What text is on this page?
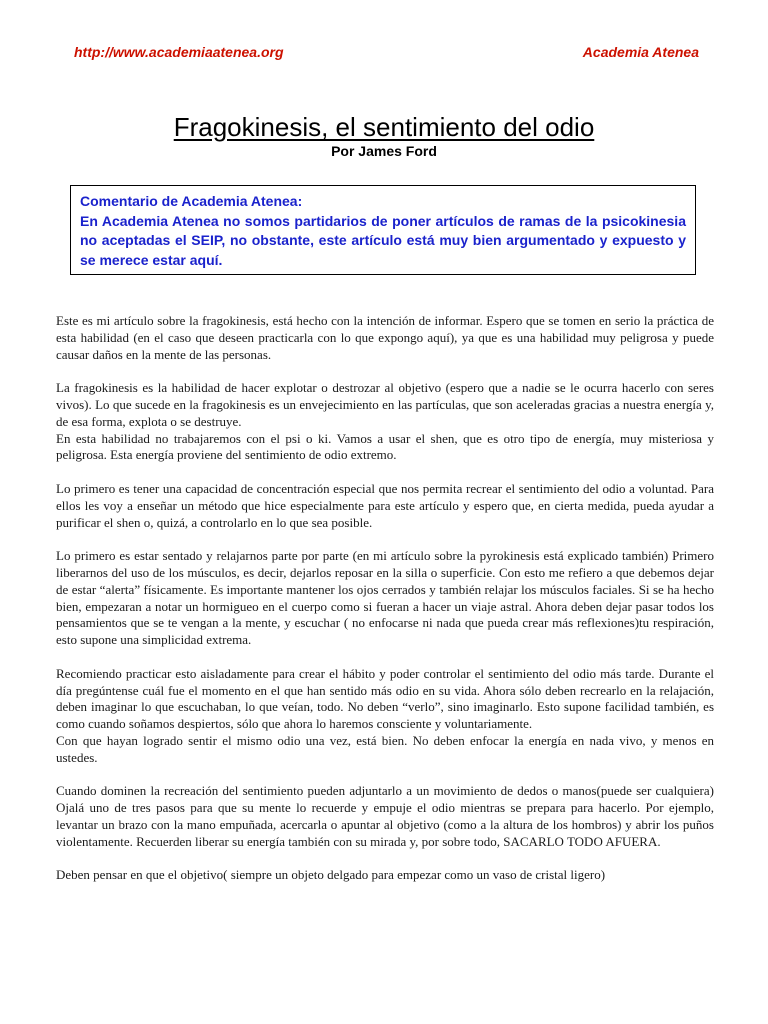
http://www.academiaatenea.org	Academia Atenea
Fragokinesis, el sentimiento del odio
Por James Ford
Comentario de Academia Atenea:
En Academia Atenea no somos partidarios de poner artículos de ramas de la psicokinesia no aceptadas el SEIP, no obstante, este artículo está muy bien argumentado y expuesto y se merece estar aquí.

Este es mi artículo sobre la fragokinesis, está hecho con la intención de informar. Espero que se tomen en serio la práctica de esta habilidad (en el caso que deseen practicarla con lo que expongo aquí), ya que es una habilidad muy peligrosa y puede causar daños en la mente de las personas.

La fragokinesis es la habilidad de hacer explotar o destrozar al objetivo (espero que a nadie se le ocurra hacerlo con seres vivos). Lo que sucede en la fragokinesis es un envejecimiento en las partículas, que son aceleradas gracias a nuestra energía y, de esa forma, explota o se destruye.

En esta habilidad no trabajaremos con el psi o ki. Vamos a usar el shen, que es otro tipo de energía, muy misteriosa y peligrosa. Esta energía proviene del sentimiento de odio extremo.

Lo primero es tener una capacidad de concentración especial que nos permita recrear el sentimiento del odio a voluntad. Para ellos les voy a enseñar un método que hice especialmente para este artículo y espero que, en cierta medida, pueda ayudar a purificar el shen o, quizá, a controlarlo en lo que sea posible.

Lo primero es estar sentado y relajarnos parte por parte (en mi artículo sobre la pyrokinesis está explicado también) Primero liberarnos del uso de los músculos, es decir, dejarlos reposar en la silla o superficie. Con esto me refiero a que debemos dejar de estar “alerta” físicamente. Es importante mantener los ojos cerrados y también relajar los músculos faciales. Si se ha hecho bien, empezaran a notar un hormigueo en el cuerpo como si fueran a hacer un viaje astral. Ahora deben dejar pasar todos los pensamientos que se te vengan a la mente, y escuchar ( no enfocarse ni nada que pueda crear más reflexiones)tu respiración, esto supone una simplicidad extrema.

Recomiendo practicar esto aisladamente para crear el hábito y poder controlar el sentimiento del odio más tarde. Durante el día pregúntense cuál fue el momento en el que han sentido más odio en su vida. Ahora sólo deben recrearlo en la relajación, deben imaginar lo que escuchaban, lo que veían, todo. No deben “verlo”, sino imaginarlo. Esto supone facilidad también, es como cuando soñamos despiertos, sólo que ahora lo haremos consciente y voluntariamente.

Con que hayan logrado sentir el mismo odio una vez, está bien. No deben enfocar la energía en nada vivo, y menos en ustedes.

Cuando dominen la recreación del sentimiento pueden adjuntarlo a un movimiento de dedos o manos(puede ser cualquiera) Ojalá uno de tres pasos para que su mente lo recuerde y empuje el odio mientras se prepara para hacerlo. Por ejemplo, levantar un brazo con la mano empuñada, acercarla o apuntar al objetivo (como a la altura de los hombros) y abrir los puños violentamente. Recuerden liberar su energía también con su mirada y, por sobre todo, SACARLO TODO AFUERA.

Deben pensar en que el objetivo( siempre un objeto delgado para empezar como un vaso de cristal ligero)
